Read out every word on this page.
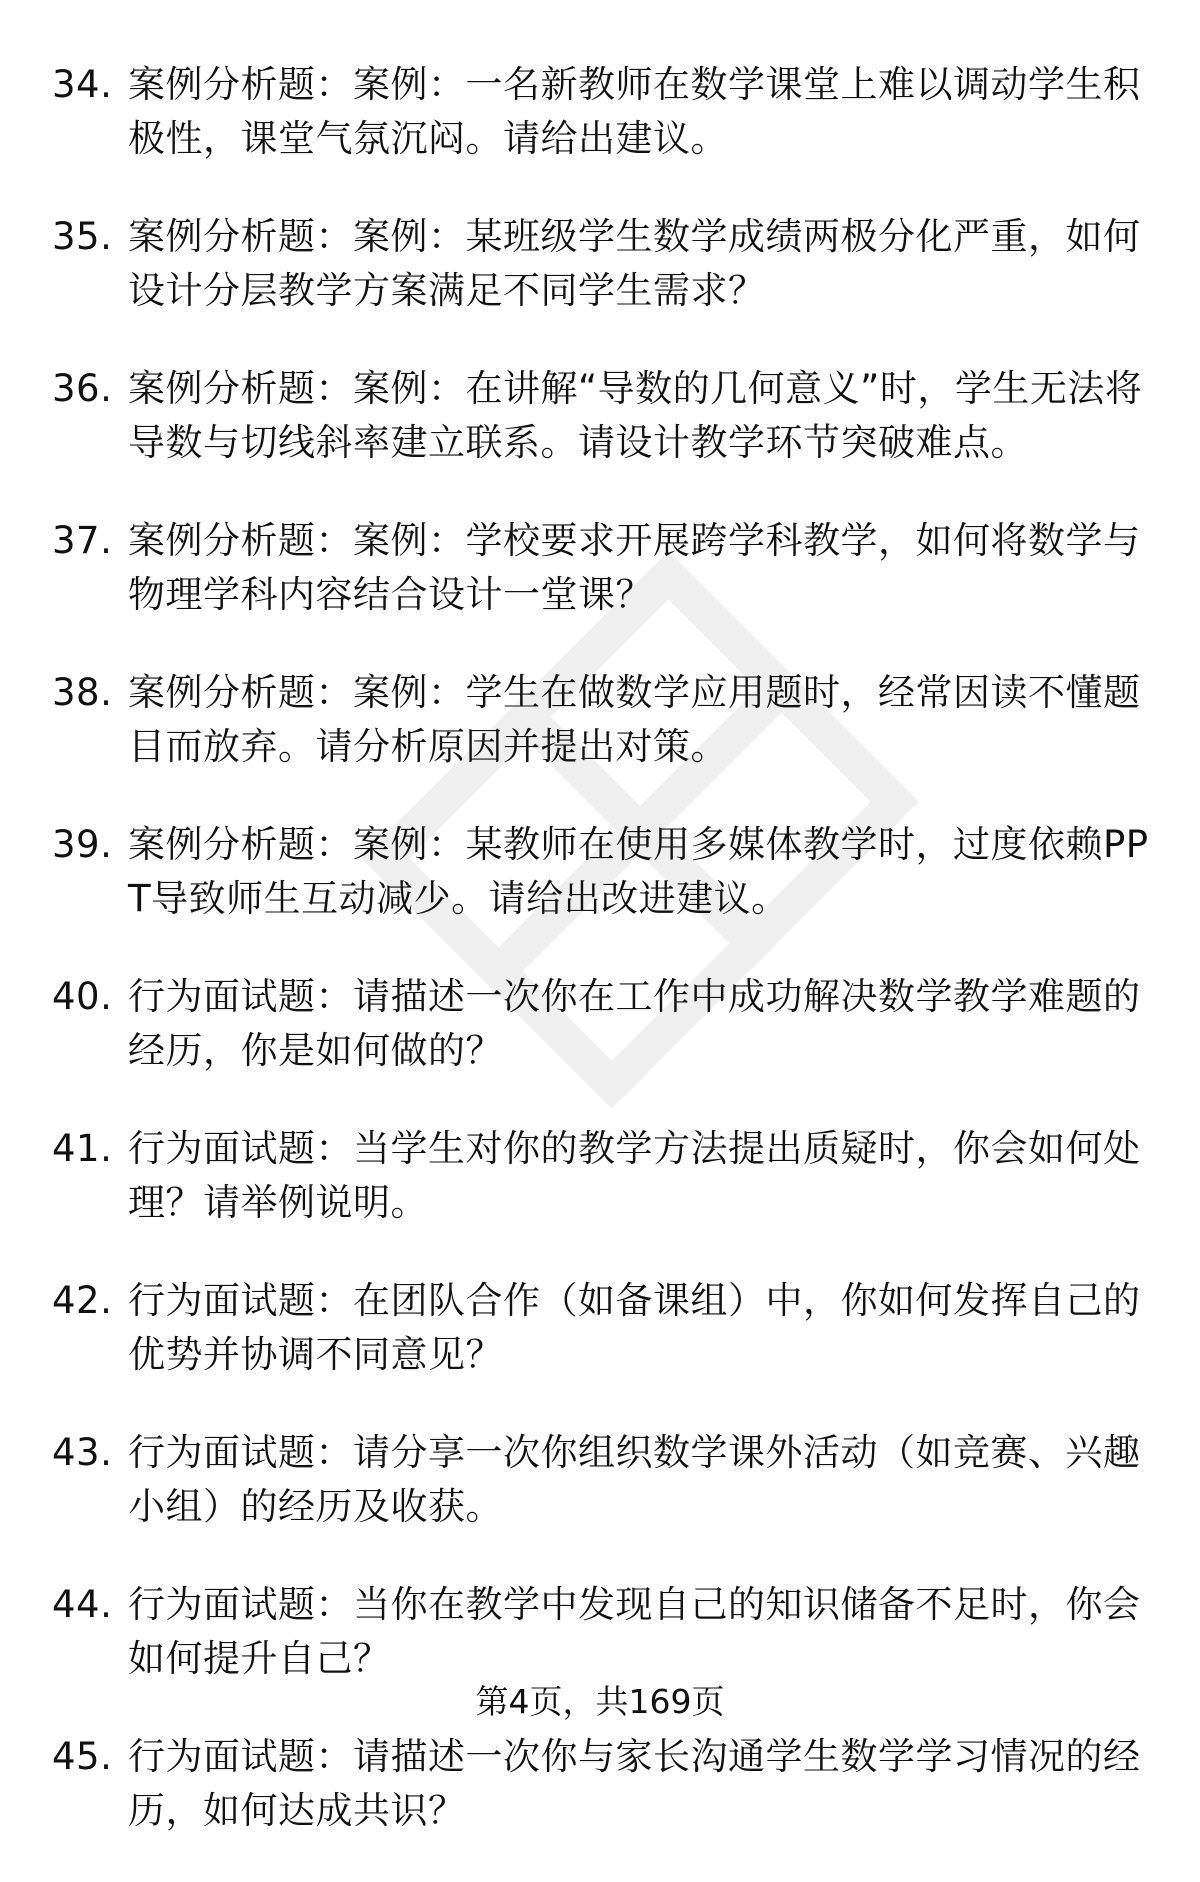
34. 案例分析题：案例：一名新教师在数学课堂上难以调动学生积极性，课堂气氛沉闷。请给出建议。
35. 案例分析题：案例：某班级学生数学成绩两极分化严重，如何设计分层教学方案满足不同学生需求？
36. 案例分析题：案例：在讲解“导数的几何意义”时，学生无法将导数与切线斜率建立联系。请设计教学环节突破难点。
37. 案例分析题：案例：学校要求开展跨学科教学，如何将数学与物理学科内容结合设计一堂课？
38. 案例分析题：案例：学生在做数学应用题时，经常因读不懂题目而放弃。请分析原因并提出对策。
39. 案例分析题：案例：某教师在使用多媒体教学时，过度依赖PPT导致师生互动减少。请给出改进建议。
40. 行为面试题：请描述一次你在工作中成功解决数学教学难题的经历，你是如何做的？
41. 行为面试题：当学生对你的教学方法提出质疑时，你会如何处理？请举例说明。
42. 行为面试题：在团队合作（如备课组）中，你如何发挥自己的优势并协调不同意见？
43. 行为面试题：请分享一次你组织数学课外活动（如竞赛、兴趣小组）的经历及收获。
44. 行为面试题：当你在教学中发现自己的知识储备不足时，你会如何提升自己？
45. 行为面试题：请描述一次你与家长沟通学生数学学习情况的经历，如何达成共识？
第4页，共169页
